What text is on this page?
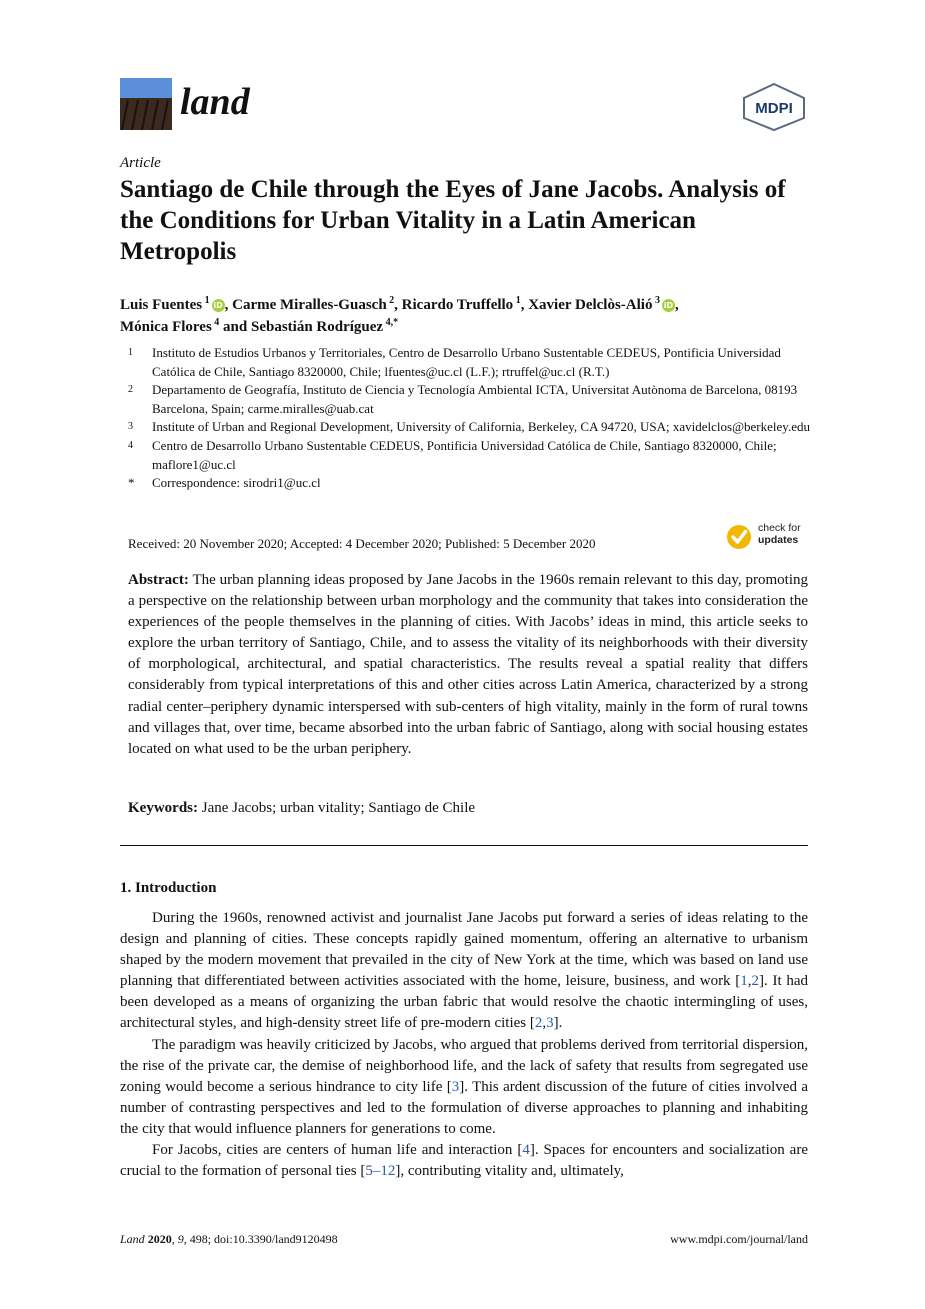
land	MDPI
Article
Santiago de Chile through the Eyes of Jane Jacobs. Analysis of the Conditions for Urban Vitality in a Latin American Metropolis
Luis Fuentes $^1$ iD , Carme Miralles-Guasch $^2$, Ricardo Truffello $^1$, Xavier Delclòs-Alió $^3$ iD ,
Mónica Flores $^4$ and Sebastián Rodríguez $^{4,*}$
1	Instituto de Estudios Urbanos y Territoriales, Centro de Desarrollo Urbano Sustentable CEDEUS, Pontificia Universidad Católica de Chile, Santiago 8320000, Chile; lfuentes@uc.cl (L.F.); rtruffel@uc.cl (R.T.)
2	Departamento de Geografía, Instituto de Ciencia y Tecnología Ambiental ICTA, Universitat Autònoma de Barcelona, 08193 Barcelona, Spain; carme.miralles@uab.cat
3	Institute of Urban and Regional Development, University of California, Berkeley, CA 94720, USA; xavidelclos@berkeley.edu
4	Centro de Desarrollo Urbano Sustentable CEDEUS, Pontificia Universidad Católica de Chile, Santiago 8320000, Chile; maflore1@uc.cl
*	Correspondence: sirodri1@uc.cl
Received: 20 November 2020; Accepted: 4 December 2020; Published: 5 December 2020
check for
updates
Abstract: The urban planning ideas proposed by Jane Jacobs in the 1960s remain relevant to this day, promoting a perspective on the relationship between urban morphology and the community that takes into consideration the experiences of the people themselves in the planning of cities. With Jacobs’ ideas in mind, this article seeks to explore the urban territory of Santiago, Chile, and to assess the vitality of its neighborhoods with their diversity of morphological, architectural, and spatial characteristics. The results reveal a spatial reality that differs considerably from typical interpretations of this and other cities across Latin America, characterized by a strong radial center–periphery dynamic interspersed with sub-centers of high vitality, mainly in the form of rural towns and villages that, over time, became absorbed into the urban fabric of Santiago, along with social housing estates located on what used to be the urban periphery.
Keywords: Jane Jacobs; urban vitality; Santiago de Chile
1. Introduction

During the 1960s, renowned activist and journalist Jane Jacobs put forward a series of ideas relating to the design and planning of cities. These concepts rapidly gained momentum, offering an alternative to urbanism shaped by the modern movement that prevailed in the city of New York at the time, which was based on land use planning that differentiated between activities associated with the home, leisure, business, and work [1,2]. It had been developed as a means of organizing the urban fabric that would resolve the chaotic intermingling of uses, architectural styles, and high-density street life of pre-modern cities [2,3].

The paradigm was heavily criticized by Jacobs, who argued that problems derived from territorial dispersion, the rise of the private car, the demise of neighborhood life, and the lack of safety that results from segregated use zoning would become a serious hindrance to city life [3]. This ardent discussion of the future of cities involved a number of contrasting perspectives and led to the formulation of diverse approaches to planning and inhabiting the city that would influence planners for generations to come.

For Jacobs, cities are centers of human life and interaction [4]. Spaces for encounters and socialization are crucial to the formation of personal ties [5–12], contributing vitality and, ultimately,

Land 2020, 9, 498; doi:10.3390/land9120498	www.mdpi.com/journal/land
